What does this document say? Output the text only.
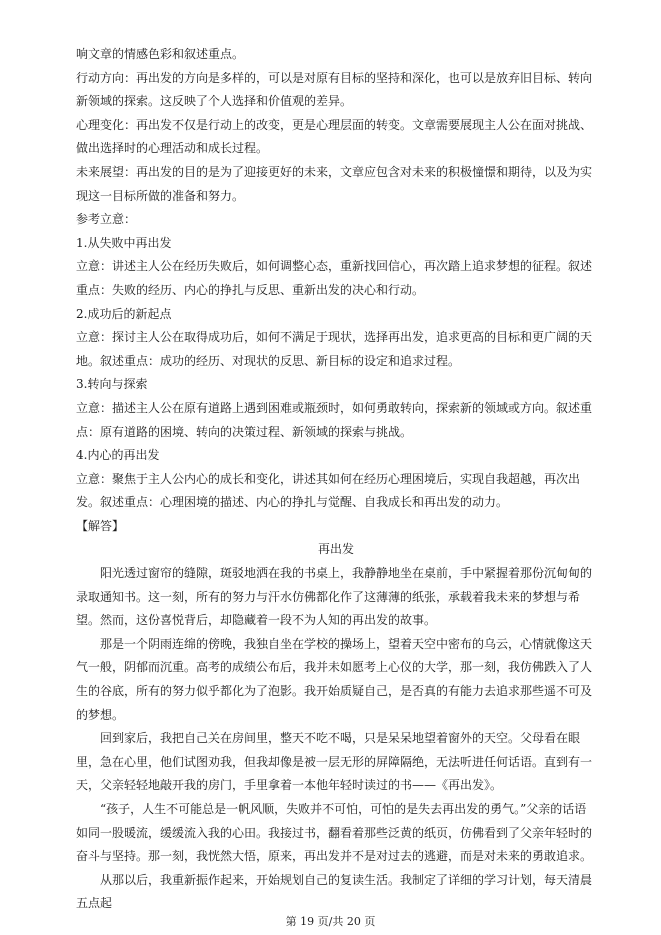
响文章的情感色彩和叙述重点。

行动方向：再出发的方向是多样的，可以是对原有目标的坚持和深化，也可以是放弃旧目标、转向新领域的探索。这反映了个人选择和价值观的差异。

心理变化：再出发不仅是行动上的改变，更是心理层面的转变。文章需要展现主人公在面对挑战、做出选择时的心理活动和成长过程。

未来展望：再出发的目的是为了迎接更好的未来，文章应包含对未来的积极憧憬和期待，以及为实现这一目标所做的准备和努力。

参考立意：

1.从失败中再出发

立意：讲述主人公在经历失败后，如何调整心态，重新找回信心，再次踏上追求梦想的征程。叙述重点：失败的经历、内心的挣扎与反思、重新出发的决心和行动。

2.成功后的新起点

立意：探讨主人公在取得成功后，如何不满足于现状，选择再出发，追求更高的目标和更广阔的天地。叙述重点：成功的经历、对现状的反思、新目标的设定和追求过程。

3.转向与探索

立意：描述主人公在原有道路上遇到困难或瓶颈时，如何勇敢转向，探索新的领域或方向。叙述重点：原有道路的困境、转向的决策过程、新领域的探索与挑战。

4.内心的再出发

立意：聚焦于主人公内心的成长和变化，讲述其如何在经历心理困境后，实现自我超越，再次出发。叙述重点：心理困境的描述、内心的挣扎与觉醒、自我成长和再出发的动力。

【解答】

再出发

阳光透过窗帘的缝隙，斑驳地洒在我的书桌上，我静静地坐在桌前，手中紧握着那份沉甸甸的录取通知书。这一刻，所有的努力与汗水仿佛都化作了这薄薄的纸张，承载着我未来的梦想与希望。然而，这份喜悦背后，却隐藏着一段不为人知的再出发的故事。

那是一个阴雨连绵的傍晚，我独自坐在学校的操场上，望着天空中密布的乌云，心情就像这天气一般，阴郁而沉重。高考的成绩公布后，我并未如愿考上心仪的大学，那一刻，我仿佛跌入了人生的谷底，所有的努力似乎都化为了泡影。我开始质疑自己，是否真的有能力去追求那些遥不可及的梦想。

回到家后，我把自己关在房间里，整天不吃不喝，只是呆呆地望着窗外的天空。父母看在眼里，急在心里，他们试图劝我，但我却像是被一层无形的屏障隔绝，无法听进任何话语。直到有一天，父亲轻轻地敲开我的房门，手里拿着一本他年轻时读过的书——《再出发》。

“孩子，人生不可能总是一帆风顺，失败并不可怕，可怕的是失去再出发的勇气。”父亲的话语如同一股暖流，缓缓流入我的心田。我接过书，翻看着那些泛黄的纸页，仿佛看到了父亲年轻时的奋斗与坚持。那一刻，我恍然大悟，原来，再出发并不是对过去的逃避，而是对未来的勇敢追求。

从那以后，我重新振作起来，开始规划自己的复读生活。我制定了详细的学习计划，每天清晨五点起

第 19 页/共 20 页
